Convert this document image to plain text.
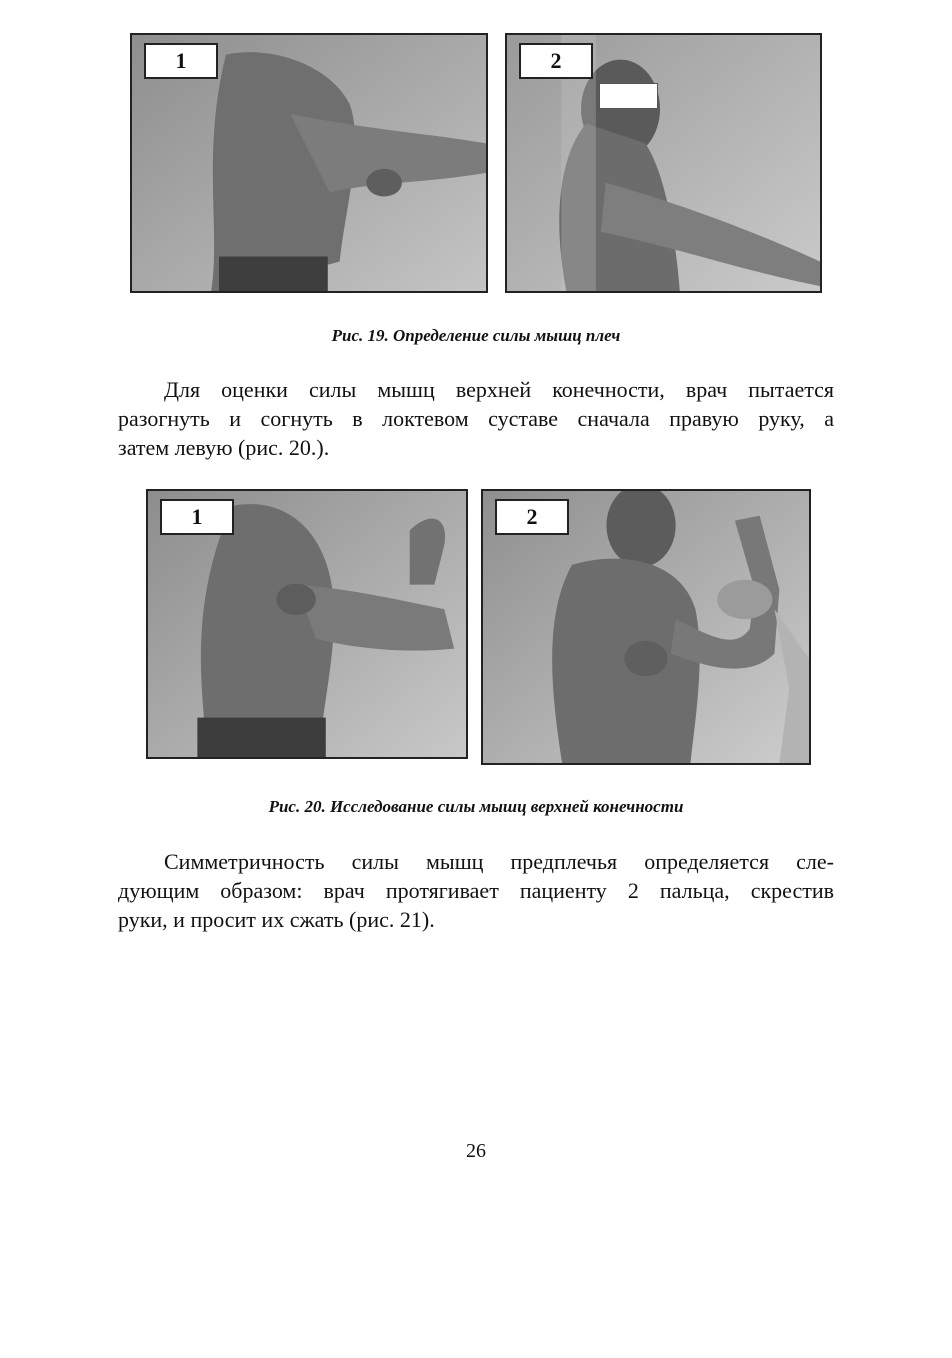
1	2
Рис. 19. Определение силы мышц плеч
Для оценки силы мышц верхней конечности, врач пытается
разогнуть и согнуть в локтевом суставе сначала правую руку, а
затем левую (рис. 20.).
1	2
Рис. 20. Исследование силы мышц верхней конечности
Симметричность силы мышц предплечья определяется сле-
дующим образом: врач протягивает пациенту 2 пальца, скрестив
руки, и просит их сжать (рис. 21).
26
